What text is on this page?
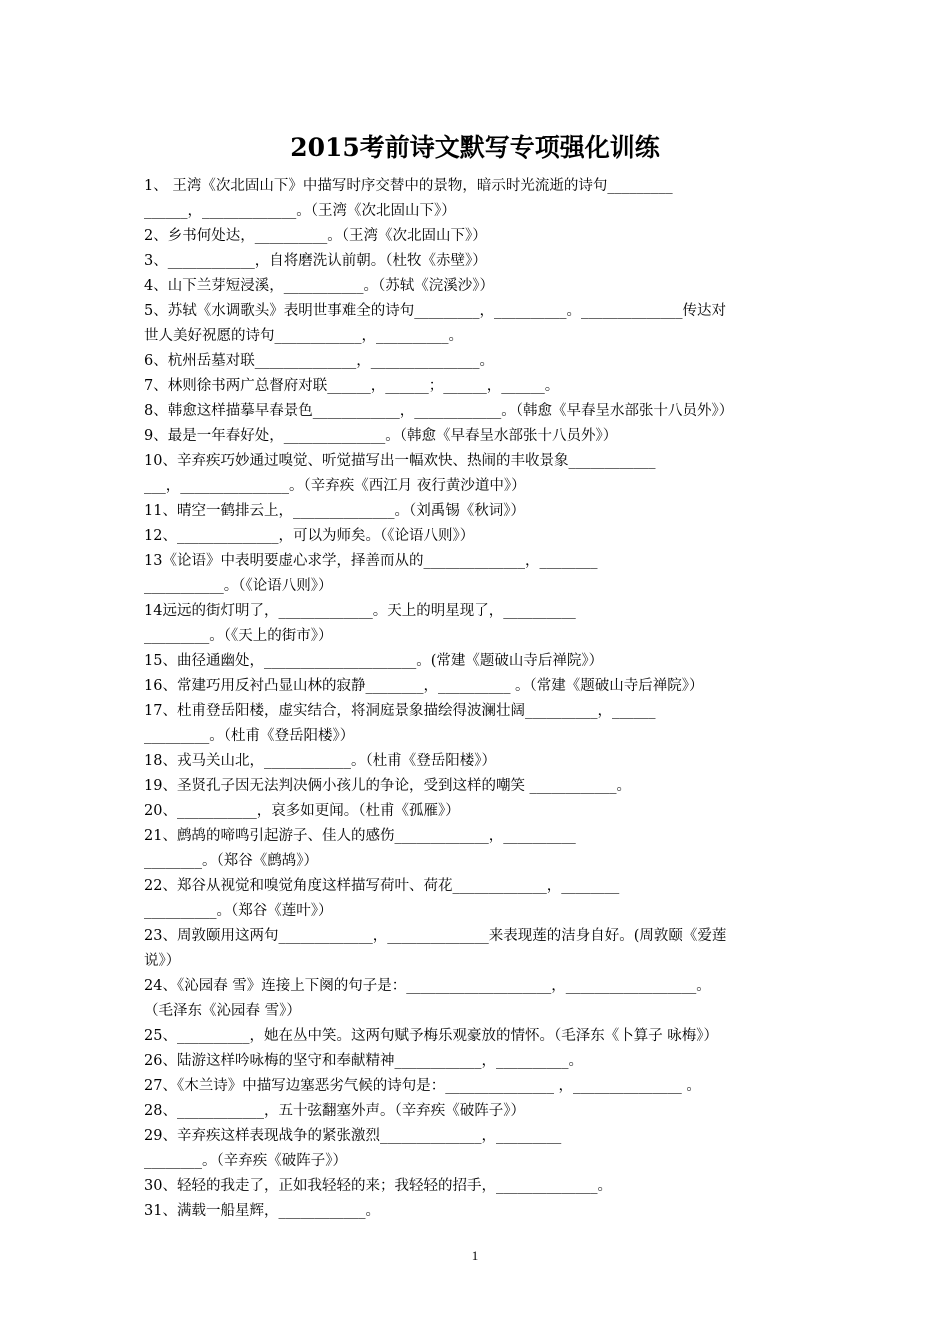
2015考前诗文默写专项强化训练
1、 王湾《次北固山下》中描写时序交替中的景物，暗示时光流逝的诗句_________
______，_____________。（王湾《次北固山下》）
2、乡书何处达，__________。（王湾《次北固山下》）
3、____________，自将磨洗认前朝。（杜牧《赤壁》）
4、山下兰芽短浸溪，___________。（苏轼《浣溪沙》）
5、苏轼《水调歌头》表明世事难全的诗句_________，__________。______________传达对
世人美好祝愿的诗句____________，__________。
6、杭州岳墓对联______________，_______________。
7、林则徐书两广总督府对联______，______；______，______。
8、韩愈这样描摹早春景色____________，____________。（韩愈《早春呈水部张十八员外》）
9、最是一年春好处，______________。（韩愈《早春呈水部张十八员外》）
10、辛弃疾巧妙通过嗅觉、听觉描写出一幅欢快、热闹的丰收景象____________
___，_______________。（辛弃疾《西江月 夜行黄沙道中》）
11、晴空一鹤排云上，______________。（刘禹锡《秋词》）
12、______________，可以为师矣。（《论语八则》）
13《论语》中表明要虚心求学，择善而从的______________，________
___________。（《论语八则》）
14远远的街灯明了，_____________。天上的明星现了，__________
_________。（《天上的街市》）
15、曲径通幽处，_____________________。(常建《题破山寺后禅院》）
16、常建巧用反衬凸显山林的寂静________，__________ 。（常建《题破山寺后禅院》）
17、杜甫登岳阳楼，虚实结合，将洞庭景象描绘得波澜壮阔__________，______
_________。（杜甫《登岳阳楼》）
18、戎马关山北，____________。（杜甫《登岳阳楼》）
19、圣贤孔子因无法判决俩小孩儿的争论，受到这样的嘲笑 ____________。
20、___________，哀多如更闻。（杜甫《孤雁》）
21、鹧鸪的啼鸣引起游子、佳人的感伤_____________，__________
________。（郑谷《鹧鸪》）
22、郑谷从视觉和嗅觉角度这样描写荷叶、荷花_____________，________
__________。（郑谷《莲叶》）
23、周敦颐用这两句_____________，______________来表现莲的洁身自好。(周敦颐《爱莲
说》）
24、《沁园春 雪》连接上下阕的句子是：____________________，__________________。
（毛泽东《沁园春 雪》）
25、__________，她在丛中笑。这两句赋予梅乐观豪放的情怀。（毛泽东《卜算子 咏梅》）
26、陆游这样吟咏梅的坚守和奉献精神____________，__________。
27、《木兰诗》中描写边塞恶劣气候的诗句是：_______________ ，_______________ 。
28、____________，五十弦翻塞外声。（辛弃疾《破阵子》）
29、辛弃疾这样表现战争的紧张激烈______________，_________
________。（辛弃疾《破阵子》）
30、轻轻的我走了，正如我轻轻的来；我轻轻的招手，______________。
31、满载一船星辉，____________。
1
